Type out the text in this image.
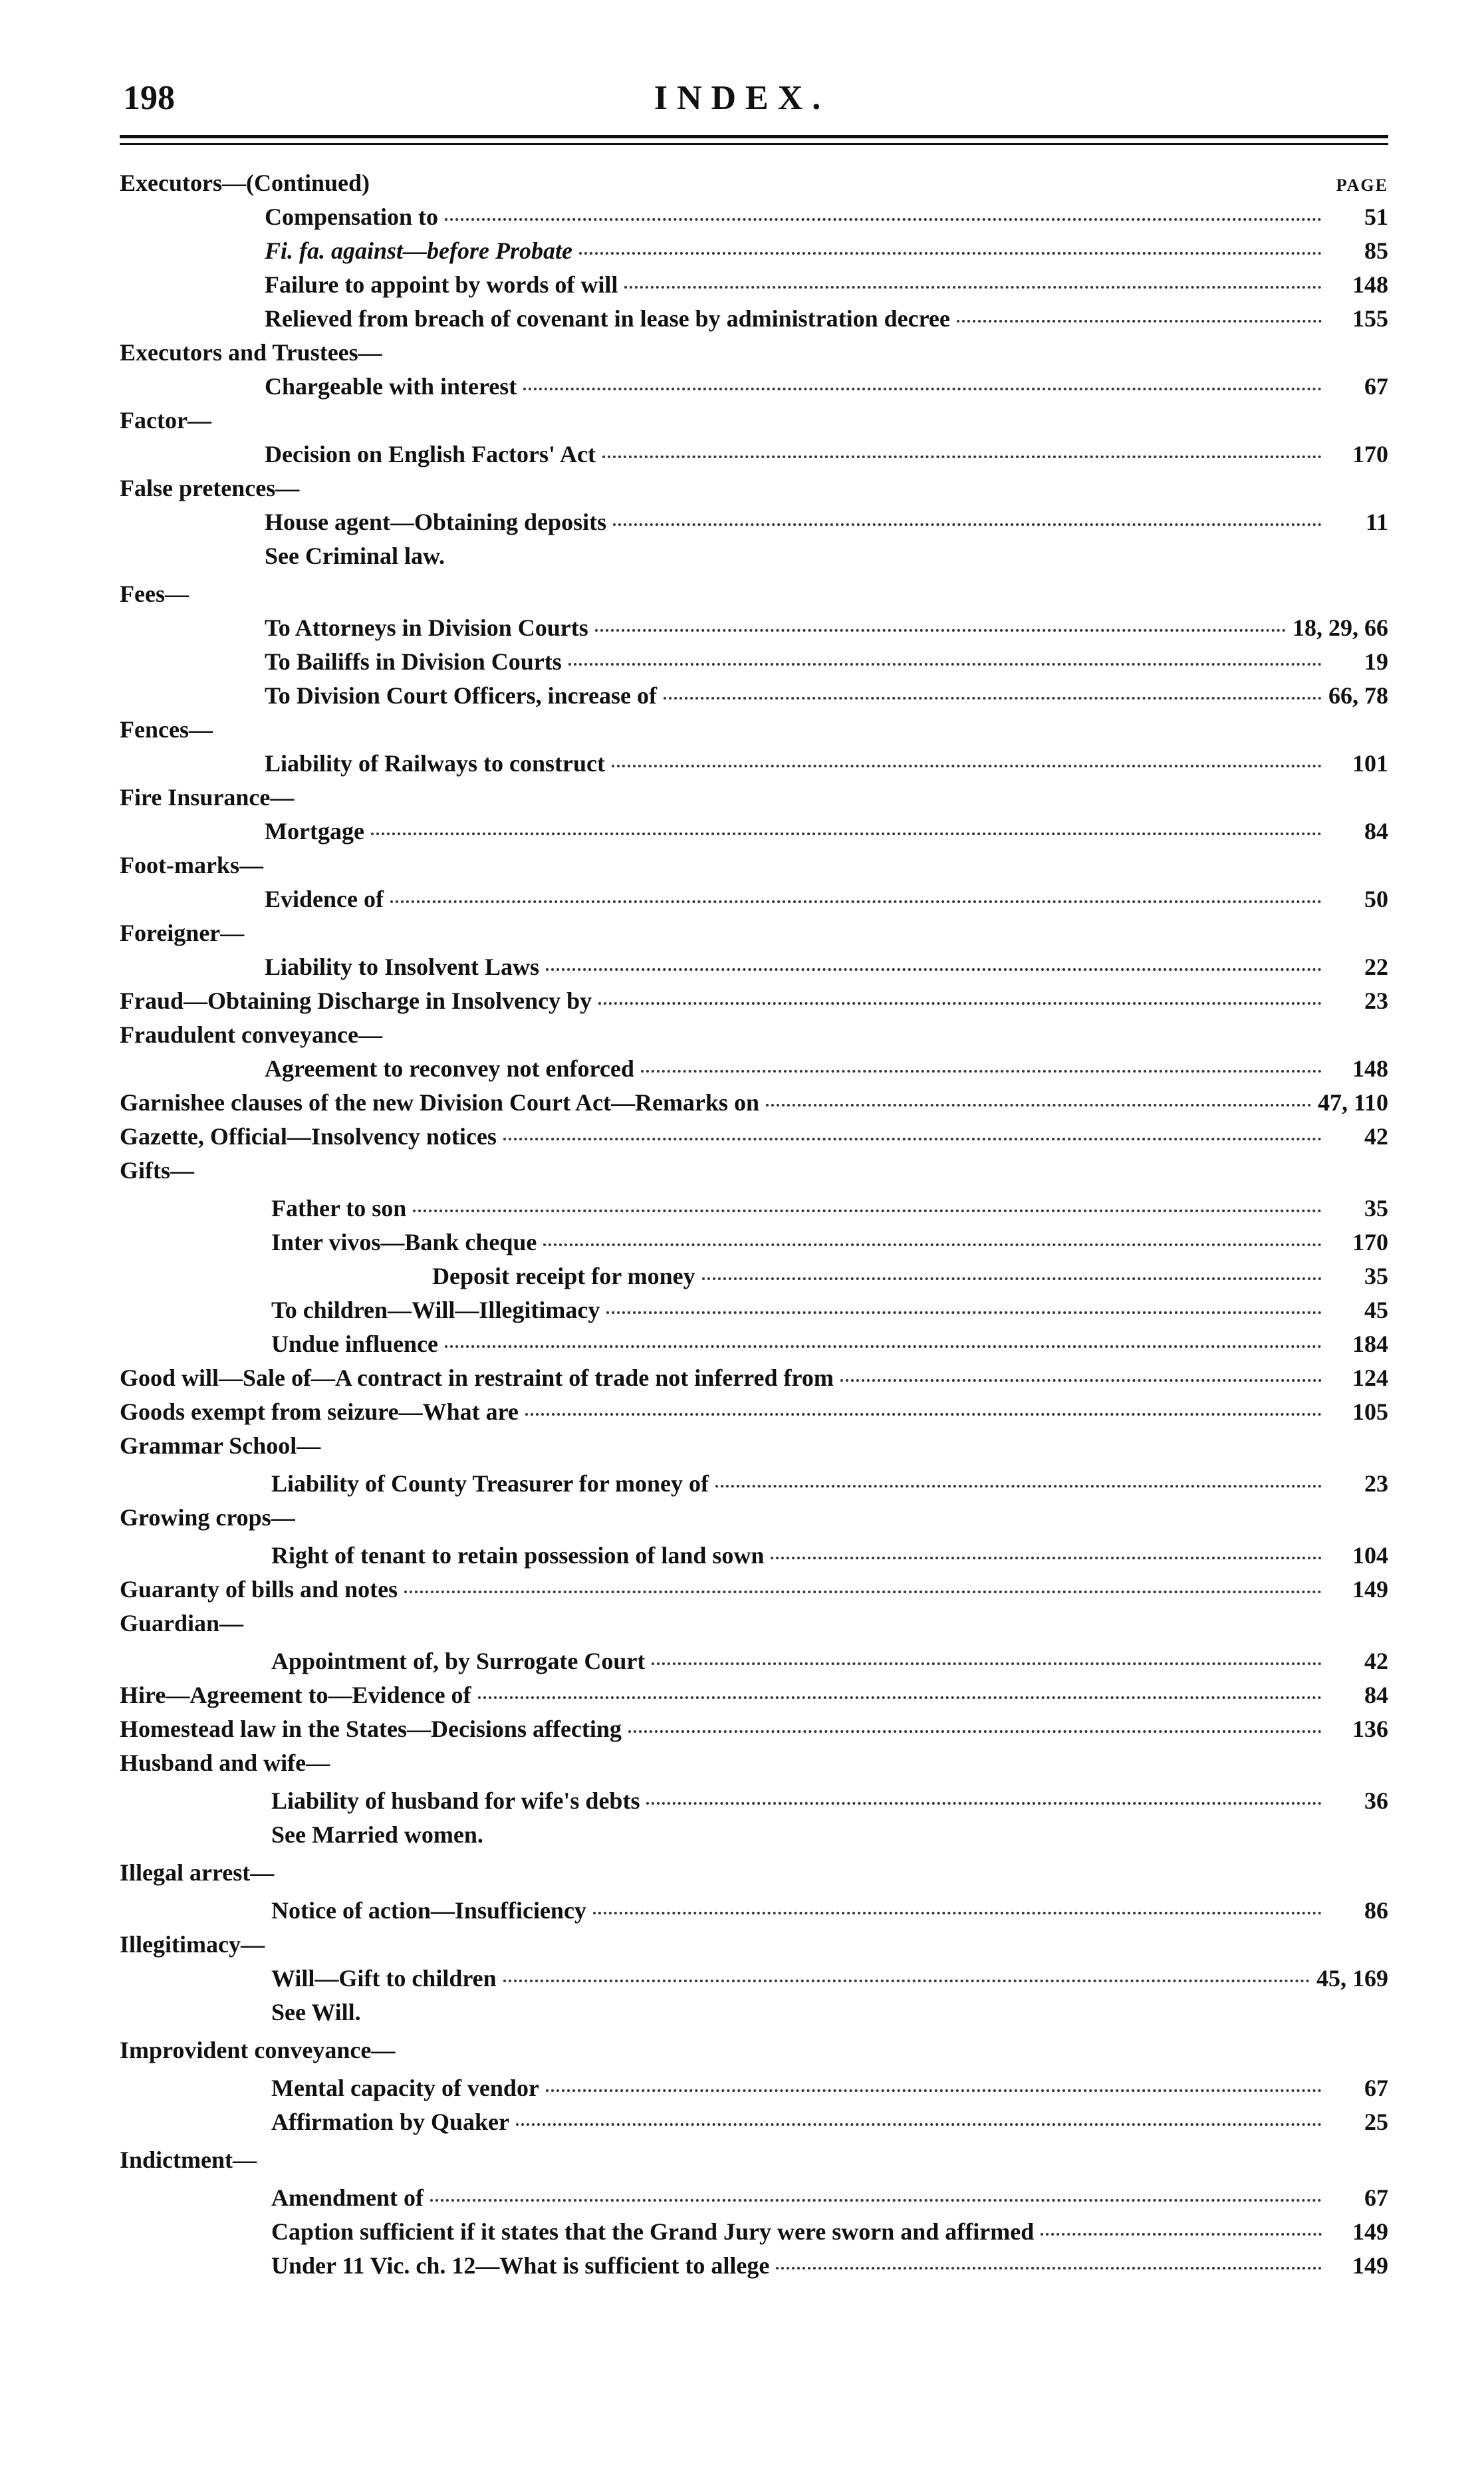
198	INDEX.
Executors—(Continued)	PAGE
Compensation to	51
Fi. fa. against—before Probate	85
Failure to appoint by words of will	148
Relieved from breach of covenant in lease by administration decree	155
Executors and Trustees—
Chargeable with interest	67
Factor—
Decision on English Factors' Act	170
False pretences—
House agent—Obtaining deposits	11
See Criminal law.
Fees—
To Attorneys in Division Courts	18, 29, 66
To Bailiffs in Division Courts	19
To Division Court Officers, increase of	66, 78
Fences—
Liability of Railways to construct	101
Fire Insurance—
Mortgage	84
Foot-marks—
Evidence of	50
Foreigner—
Liability to Insolvent Laws	22
Fraud—Obtaining Discharge in Insolvency by	23
Fraudulent conveyance—
Agreement to reconvey not enforced	148
Garnishee clauses of the new Division Court Act—Remarks on	47, 110
Gazette, Official—Insolvency notices	42
Gifts—
Father to son	35
Inter vivos—Bank cheque	170
Deposit receipt for money	35
To children—Will—Illegitimacy	45
Undue influence	184
Good will—Sale of—A contract in restraint of trade not inferred from	124
Goods exempt from seizure—What are	105
Grammar School—
Liability of County Treasurer for money of	23
Growing crops—
Right of tenant to retain possession of land sown	104
Guaranty of bills and notes	149
Guardian—
Appointment of, by Surrogate Court	42
Hire—Agreement to—Evidence of	84
Homestead law in the States—Decisions affecting	136
Husband and wife—
Liability of husband for wife's debts	36
See Married women.
Illegal arrest—
Notice of action—Insufficiency	86
Illegitimacy—
Will—Gift to children	45, 169
See Will.
Improvident conveyance—
Mental capacity of vendor	67
Affirmation by Quaker	25
Indictment—
Amendment of	67
Caption sufficient if it states that the Grand Jury were sworn and affirmed	149
Under 11 Vic. ch. 12—What is sufficient to allege	149
